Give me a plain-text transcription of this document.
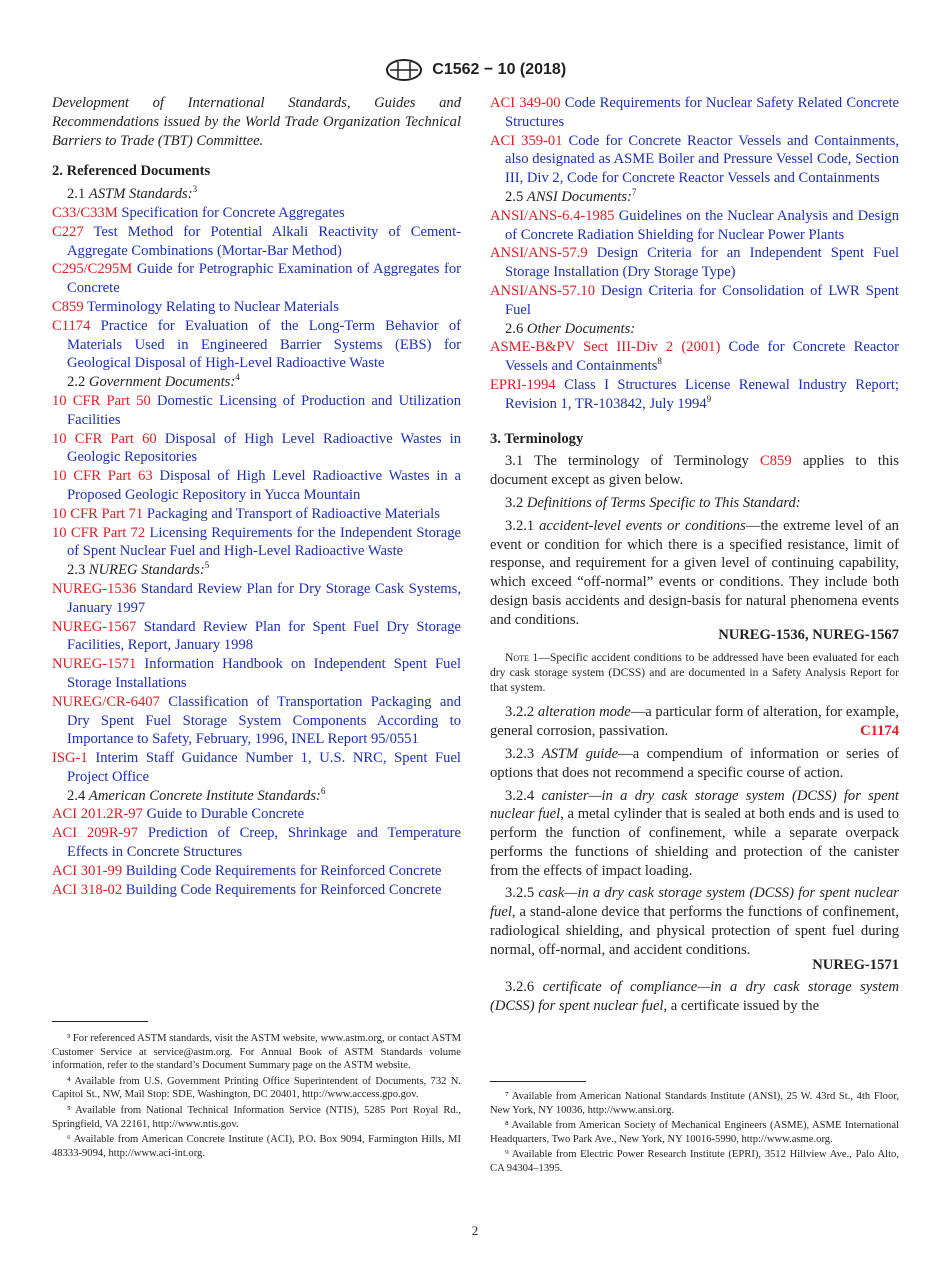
C1562 − 10 (2018)

Development of International Standards, Guides and Recommendations issued by the World Trade Organization Technical Barriers to Trade (TBT) Committee.

2. Referenced Documents
2.1 ASTM Standards:$^3$

C33/C33M Specification for Concrete Aggregates

C227 Test Method for Potential Alkali Reactivity of Cement-Aggregate Combinations (Mortar-Bar Method)

C295/C295M Guide for Petrographic Examination of Aggregates for Concrete

C859 Terminology Relating to Nuclear Materials

C1174 Practice for Evaluation of the Long-Term Behavior of Materials Used in Engineered Barrier Systems (EBS) for Geological Disposal of High-Level Radioactive Waste

2.2 Government Documents:$^4$

10 CFR Part 50 Domestic Licensing of Production and Utilization Facilities

10 CFR Part 60 Disposal of High Level Radioactive Wastes in Geologic Repositories

10 CFR Part 63 Disposal of High Level Radioactive Wastes in a Proposed Geologic Repository in Yucca Mountain

10 CFR Part 71 Packaging and Transport of Radioactive Materials

10 CFR Part 72 Licensing Requirements for the Independent Storage of Spent Nuclear Fuel and High-Level Radioactive Waste

2.3 NUREG Standards:$^5$

NUREG-1536 Standard Review Plan for Dry Storage Cask Systems, January 1997

NUREG-1567 Standard Review Plan for Spent Fuel Dry Storage Facilities, Report, January 1998

NUREG-1571 Information Handbook on Independent Spent Fuel Storage Installations

NUREG/CR-6407 Classification of Transportation Packaging and Dry Spent Fuel Storage System Components According to Importance to Safety, February, 1996, INEL Report 95/0551

ISG-1 Interim Staff Guidance Number 1, U.S. NRC, Spent Fuel Project Office

2.4 American Concrete Institute Standards:$^6$

ACI 201.2R-97 Guide to Durable Concrete

ACI 209R-97 Prediction of Creep, Shrinkage and Temperature Effects in Concrete Structures

ACI 301-99 Building Code Requirements for Reinforced Concrete

ACI 318-02 Building Code Requirements for Reinforced Concrete

³ For referenced ASTM standards, visit the ASTM website, www.astm.org, or contact ASTM Customer Service at service@astm.org. For Annual Book of ASTM Standards volume information, refer to the standard’s Document Summary page on the ASTM website.

⁴ Available from U.S. Government Printing Office Superintendent of Documents, 732 N. Capitol St., NW, Mail Stop: SDE, Washington, DC 20401, http://www.access.gpo.gov.

⁵ Available from National Technical Information Service (NTIS), 5285 Port Royal Rd., Springfield, VA 22161, http://www.ntis.gov.

⁶ Available from American Concrete Institute (ACI), P.O. Box 9094, Farmington Hills, MI 48333-9094, http://www.aci-int.org.

ACI 349-00 Code Requirements for Nuclear Safety Related Concrete Structures

ACI 359-01 Code for Concrete Reactor Vessels and Containments, also designated as ASME Boiler and Pressure Vessel Code, Section III, Div 2, Code for Concrete Reactor Vessels and Containments

2.5 ANSI Documents:$^7$

ANSI/ANS-6.4-1985 Guidelines on the Nuclear Analysis and Design of Concrete Radiation Shielding for Nuclear Power Plants

ANSI/ANS-57.9 Design Criteria for an Independent Spent Fuel Storage Installation (Dry Storage Type)

ANSI/ANS-57.10 Design Criteria for Consolidation of LWR Spent Fuel

2.6 Other Documents:

ASME-B&PV Sect III-Div 2 (2001) Code for Concrete Reactor Vessels and Containments$^8$

EPRI-1994 Class I Structures License Renewal Industry Report; Revision 1, TR-103842, July 1994$^9$

3. Terminology

3.1 The terminology of Terminology C859 applies to this document except as given below.

3.2 Definitions of Terms Specific to This Standard:

3.2.1 accident-level events or conditions—the extreme level of an event or condition for which there is a specified resistance, limit of response, and requirement for a given level of continuing capability, which exceed “off-normal” events or conditions. They include both design basis accidents and design-basis for natural phenomena events and conditions.

NUREG-1536, NUREG-1567

Note 1—Specific accident conditions to be addressed have been evaluated for each dry cask storage system (DCSS) and are documented in a Safety Analysis Report for that system.

3.2.2 alteration mode—a particular form of alteration, for example, general corrosion, passivation.	C1174

3.2.3 ASTM guide—a compendium of information or series of options that does not recommend a specific course of action.

3.2.4 canister—in a dry cask storage system (DCSS) for spent nuclear fuel, a metal cylinder that is sealed at both ends and is used to perform the function of confinement, while a separate overpack performs the functions of shielding and protection of the canister from the effects of impact loading.

3.2.5 cask—in a dry cask storage system (DCSS) for spent nuclear fuel, a stand-alone device that performs the functions of confinement, radiological shielding, and physical protection of spent fuel during normal, off-normal, and accident conditions.

NUREG-1571

3.2.6 certificate of compliance—in a dry cask storage system (DCSS) for spent nuclear fuel, a certificate issued by the

⁷ Available from American National Standards Institute (ANSI), 25 W. 43rd St., 4th Floor, New York, NY 10036, http://www.ansi.org.

⁸ Available from American Society of Mechanical Engineers (ASME), ASME International Headquarters, Two Park Ave., New York, NY 10016-5990, http://www.asme.org.

⁹ Available from Electric Power Research Institute (EPRI), 3512 Hillview Ave., Palo Alto, CA 94304–1395.

2
